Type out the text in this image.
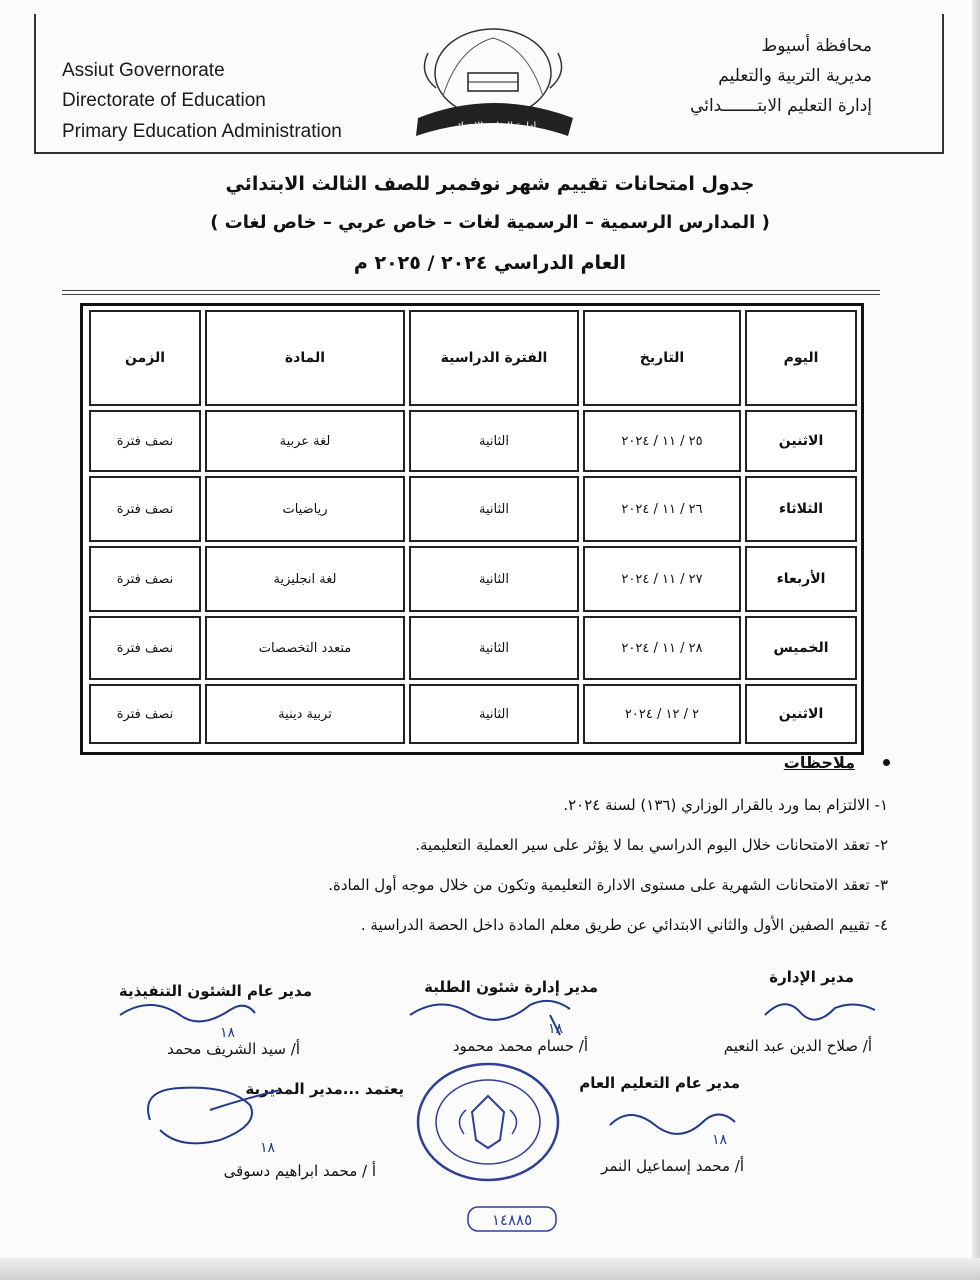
Assiut Governorate
Directorate of Education
Primary Education Administration
محافظة أسيوط
مديرية التربية والتعليم
إدارة التعليم الابتـــــــدائي
إدارة التعليم الابتدائي
جدول امتحانات تقييم شهر نوفمبر للصف الثالث الابتدائي
( المدارس الرسمية – الرسمية لغات – خاص عربي – خاص لغات )
العام الدراسي ٢٠٢٤ / ٢٠٢٥ م
اليوم
التاريخ
الفترة الدراسية
المادة
الزمن
الاثنين
٢٥ / ١١ / ٢٠٢٤
الثانية
لغة عربية
نصف فترة
الثلاثاء
٢٦ / ١١ / ٢٠٢٤
الثانية
رياضيات
نصف فترة
الأربعاء
٢٧ / ١١ / ٢٠٢٤
الثانية
لغة انجليزية
نصف فترة
الخميس
٢٨ / ١١ / ٢٠٢٤
الثانية
متعدد التخصصات
نصف فترة
الاثنين
٢ / ١٢ / ٢٠٢٤
الثانية
تربية دينية
نصف فترة
ملاحظات
١- الالتزام بما ورد بالقرار الوزاري (١٣٦) لسنة ٢٠٢٤.
٢- تعقد الامتحانات خلال اليوم الدراسي بما لا يؤثر على سير العملية التعليمية.
٣- تعقد الامتحانات الشهرية على مستوى الادارة التعليمية وتكون من خلال موجه أول المادة.
٤- تقييم الصفين الأول والثاني الابتدائي عن طريق معلم المادة داخل الحصة الدراسية .
مدير الإدارة
أ/ صلاح الدين عبد النعيم
مدير إدارة شئون الطلبة
أ/ حسام محمد محمود
مدير عام الشئون التنفيذية
أ/ سيد الشريف محمد
مدير عام التعليم العام
أ/ محمد إسماعيل النمر
يعتمد ...مدير المديرية
أ / محمد ابراهيم دسوقى
١٨
١٨
١٨
١٨
١٤٨٨٥
